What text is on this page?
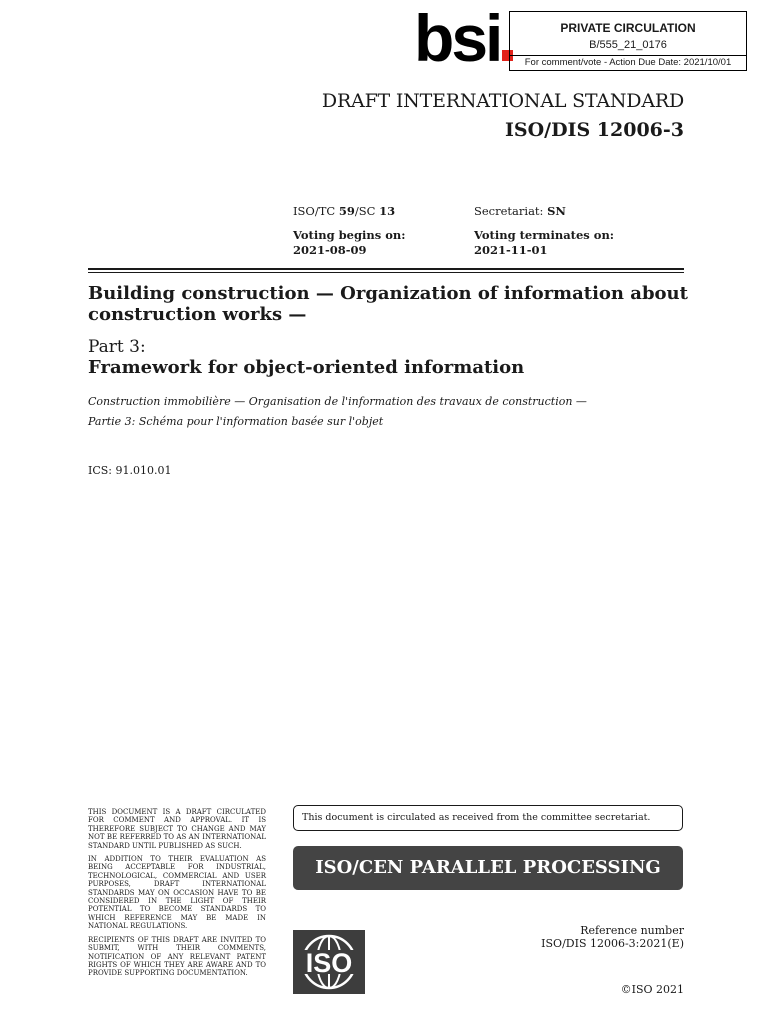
bsi	PRIVATE CIRCULATION
B/555_21_0176
For comment/vote - Action Due Date: 2021/10/01
DRAFT INTERNATIONAL STANDARD
ISO/DIS 12006-3
ISO/TC 59/SC 13	Secretariat: SN
Voting begins on:
2021-08-09
Voting terminates on:
2021-11-01
Building construction — Organization of information about construction works —
Part 3:
Framework for object-oriented information
Construction immobilière — Organisation de l'information des travaux de construction —
Partie 3: Schéma pour l'information basée sur l'objet
ICS: 91.010.01

THIS DOCUMENT IS A DRAFT CIRCULATED FOR COMMENT AND APPROVAL. IT IS THEREFORE SUBJECT TO CHANGE AND MAY NOT BE REFERRED TO AS AN INTERNATIONAL STANDARD UNTIL PUBLISHED AS SUCH.

IN ADDITION TO THEIR EVALUATION AS BEING ACCEPTABLE FOR INDUSTRIAL, TECHNOLOGICAL, COMMERCIAL AND USER PURPOSES, DRAFT INTERNATIONAL STANDARDS MAY ON OCCASION HAVE TO BE CONSIDERED IN THE LIGHT OF THEIR POTENTIAL TO BECOME STANDARDS TO WHICH REFERENCE MAY BE MADE IN NATIONAL REGULATIONS.

RECIPIENTS OF THIS DRAFT ARE INVITED TO SUBMIT, WITH THEIR COMMENTS, NOTIFICATION OF ANY RELEVANT PATENT RIGHTS OF WHICH THEY ARE AWARE AND TO PROVIDE SUPPORTING DOCUMENTATION.

This document is circulated as received from the committee secretariat.
ISO/CEN PARALLEL PROCESSING
ISO
Reference number
ISO/DIS 12006-3:2021(E)
©ISO 2021
